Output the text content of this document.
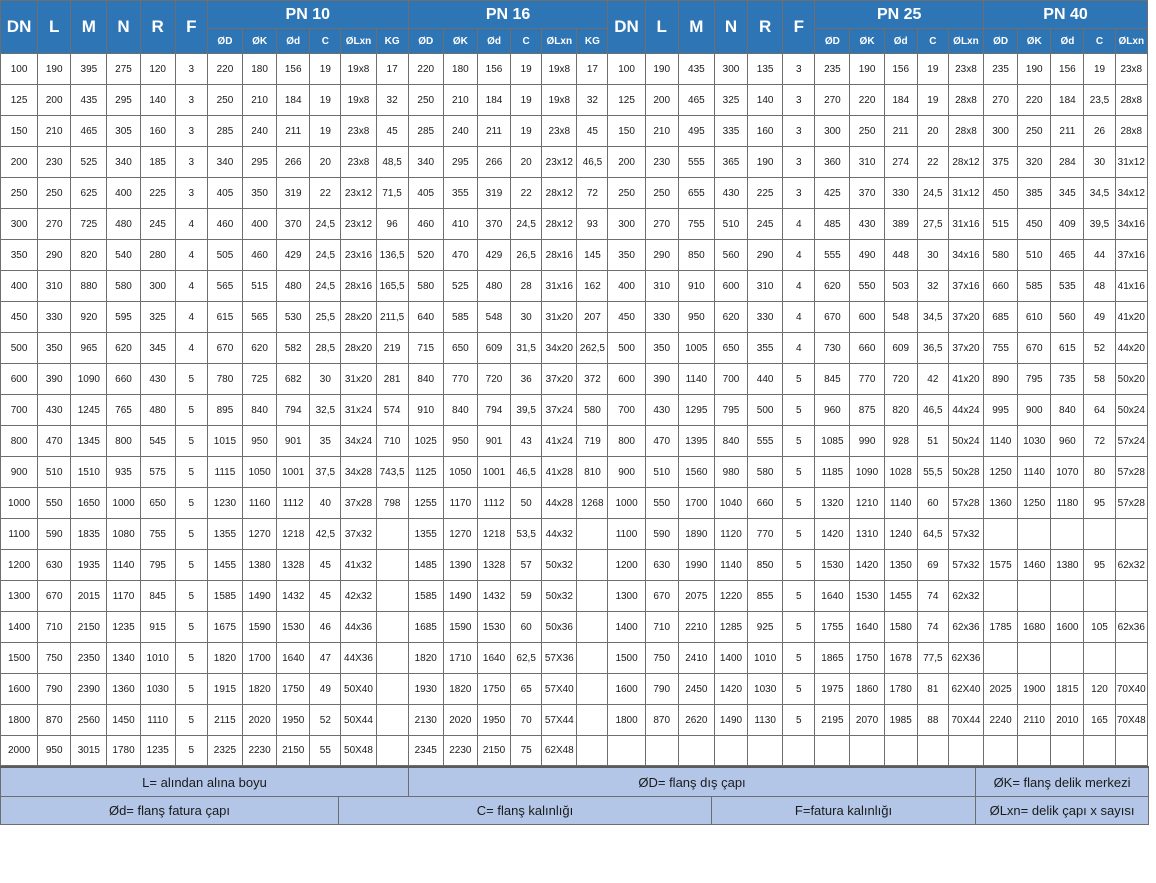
DN	L	M	N	R	F	PN 10						PN 16						DN	L	M	N	R	F	PN 25					PN 40				
						ØD	ØK	Ød	C	ØLxn	KG	ØD	ØK	Ød	C	ØLxn	KG							ØD	ØK	Ød	C	ØLxn	ØD	ØK	Ød	C	ØLxn
100	190	395	275	120	3	220	180	156	19	19x8	17	220	180	156	19	19x8	17	100	190	435	300	135	3	235	190	156	19	23x8	235	190	156	19	23x8
125	200	435	295	140	3	250	210	184	19	19x8	32	250	210	184	19	19x8	32	125	200	465	325	140	3	270	220	184	19	28x8	270	220	184	23,5	28x8
150	210	465	305	160	3	285	240	211	19	23x8	45	285	240	211	19	23x8	45	150	210	495	335	160	3	300	250	211	20	28x8	300	250	211	26	28x8
200	230	525	340	185	3	340	295	266	20	23x8	48,5	340	295	266	20	23x12	46,5	200	230	555	365	190	3	360	310	274	22	28x12	375	320	284	30	31x12
250	250	625	400	225	3	405	350	319	22	23x12	71,5	405	355	319	22	28x12	72	250	250	655	430	225	3	425	370	330	24,5	31x12	450	385	345	34,5	34x12
300	270	725	480	245	4	460	400	370	24,5	23x12	96	460	410	370	24,5	28x12	93	300	270	755	510	245	4	485	430	389	27,5	31x16	515	450	409	39,5	34x16
350	290	820	540	280	4	505	460	429	24,5	23x16	136,5	520	470	429	26,5	28x16	145	350	290	850	560	290	4	555	490	448	30	34x16	580	510	465	44	37x16
400	310	880	580	300	4	565	515	480	24,5	28x16	165,5	580	525	480	28	31x16	162	400	310	910	600	310	4	620	550	503	32	37x16	660	585	535	48	41x16
450	330	920	595	325	4	615	565	530	25,5	28x20	211,5	640	585	548	30	31x20	207	450	330	950	620	330	4	670	600	548	34,5	37x20	685	610	560	49	41x20
500	350	965	620	345	4	670	620	582	28,5	28x20	219	715	650	609	31,5	34x20	262,5	500	350	1005	650	355	4	730	660	609	36,5	37x20	755	670	615	52	44x20
600	390	1090	660	430	5	780	725	682	30	31x20	281	840	770	720	36	37x20	372	600	390	1140	700	440	5	845	770	720	42	41x20	890	795	735	58	50x20
700	430	1245	765	480	5	895	840	794	32,5	31x24	574	910	840	794	39,5	37x24	580	700	430	1295	795	500	5	960	875	820	46,5	44x24	995	900	840	64	50x24
800	470	1345	800	545	5	1015	950	901	35	34x24	710	1025	950	901	43	41x24	719	800	470	1395	840	555	5	1085	990	928	51	50x24	1140	1030	960	72	57x24
900	510	1510	935	575	5	1115	1050	1001	37,5	34x28	743,5	1125	1050	1001	46,5	41x28	810	900	510	1560	980	580	5	1185	1090	1028	55,5	50x28	1250	1140	1070	80	57x28
1000	550	1650	1000	650	5	1230	1160	1112	40	37x28	798	1255	1170	1112	50	44x28	1268	1000	550	1700	1040	660	5	1320	1210	1140	60	57x28	1360	1250	1180	95	57x28
1100	590	1835	1080	755	5	1355	1270	1218	42,5	37x32		1355	1270	1218	53,5	44x32		1100	590	1890	1120	770	5	1420	1310	1240	64,5	57x32					
1200	630	1935	1140	795	5	1455	1380	1328	45	41x32		1485	1390	1328	57	50x32		1200	630	1990	1140	850	5	1530	1420	1350	69	57x32	1575	1460	1380	95	62x32
1300	670	2015	1170	845	5	1585	1490	1432	45	42x32		1585	1490	1432	59	50x32		1300	670	2075	1220	855	5	1640	1530	1455	74	62x32					
1400	710	2150	1235	915	5	1675	1590	1530	46	44x36		1685	1590	1530	60	50x36		1400	710	2210	1285	925	5	1755	1640	1580	74	62x36	1785	1680	1600	105	62x36
1500	750	2350	1340	1010	5	1820	1700	1640	47	44X36		1820	1710	1640	62,5	57X36		1500	750	2410	1400	1010	5	1865	1750	1678	77,5	62X36					
1600	790	2390	1360	1030	5	1915	1820	1750	49	50X40		1930	1820	1750	65	57X40		1600	790	2450	1420	1030	5	1975	1860	1780	81	62X40	2025	1900	1815	120	70X40
1800	870	2560	1450	1110	5	2115	2020	1950	52	50X44		2130	2020	1950	70	57X44		1800	870	2620	1490	1130	5	2195	2070	1985	88	70X44	2240	2110	2010	165	70X48
2000	950	3015	1780	1235	5	2325	2230	2150	55	50X48		2345	2230	2150	75	62X48																	
L= alından alına boyu		ØD= flanş dış çapı		ØK= flanş delik merkezi
Ød= flanş fatura çapı	C= flanş kalınlığı		F=fatura kalınlığı	ØLxn= delik çapı x sayısı
